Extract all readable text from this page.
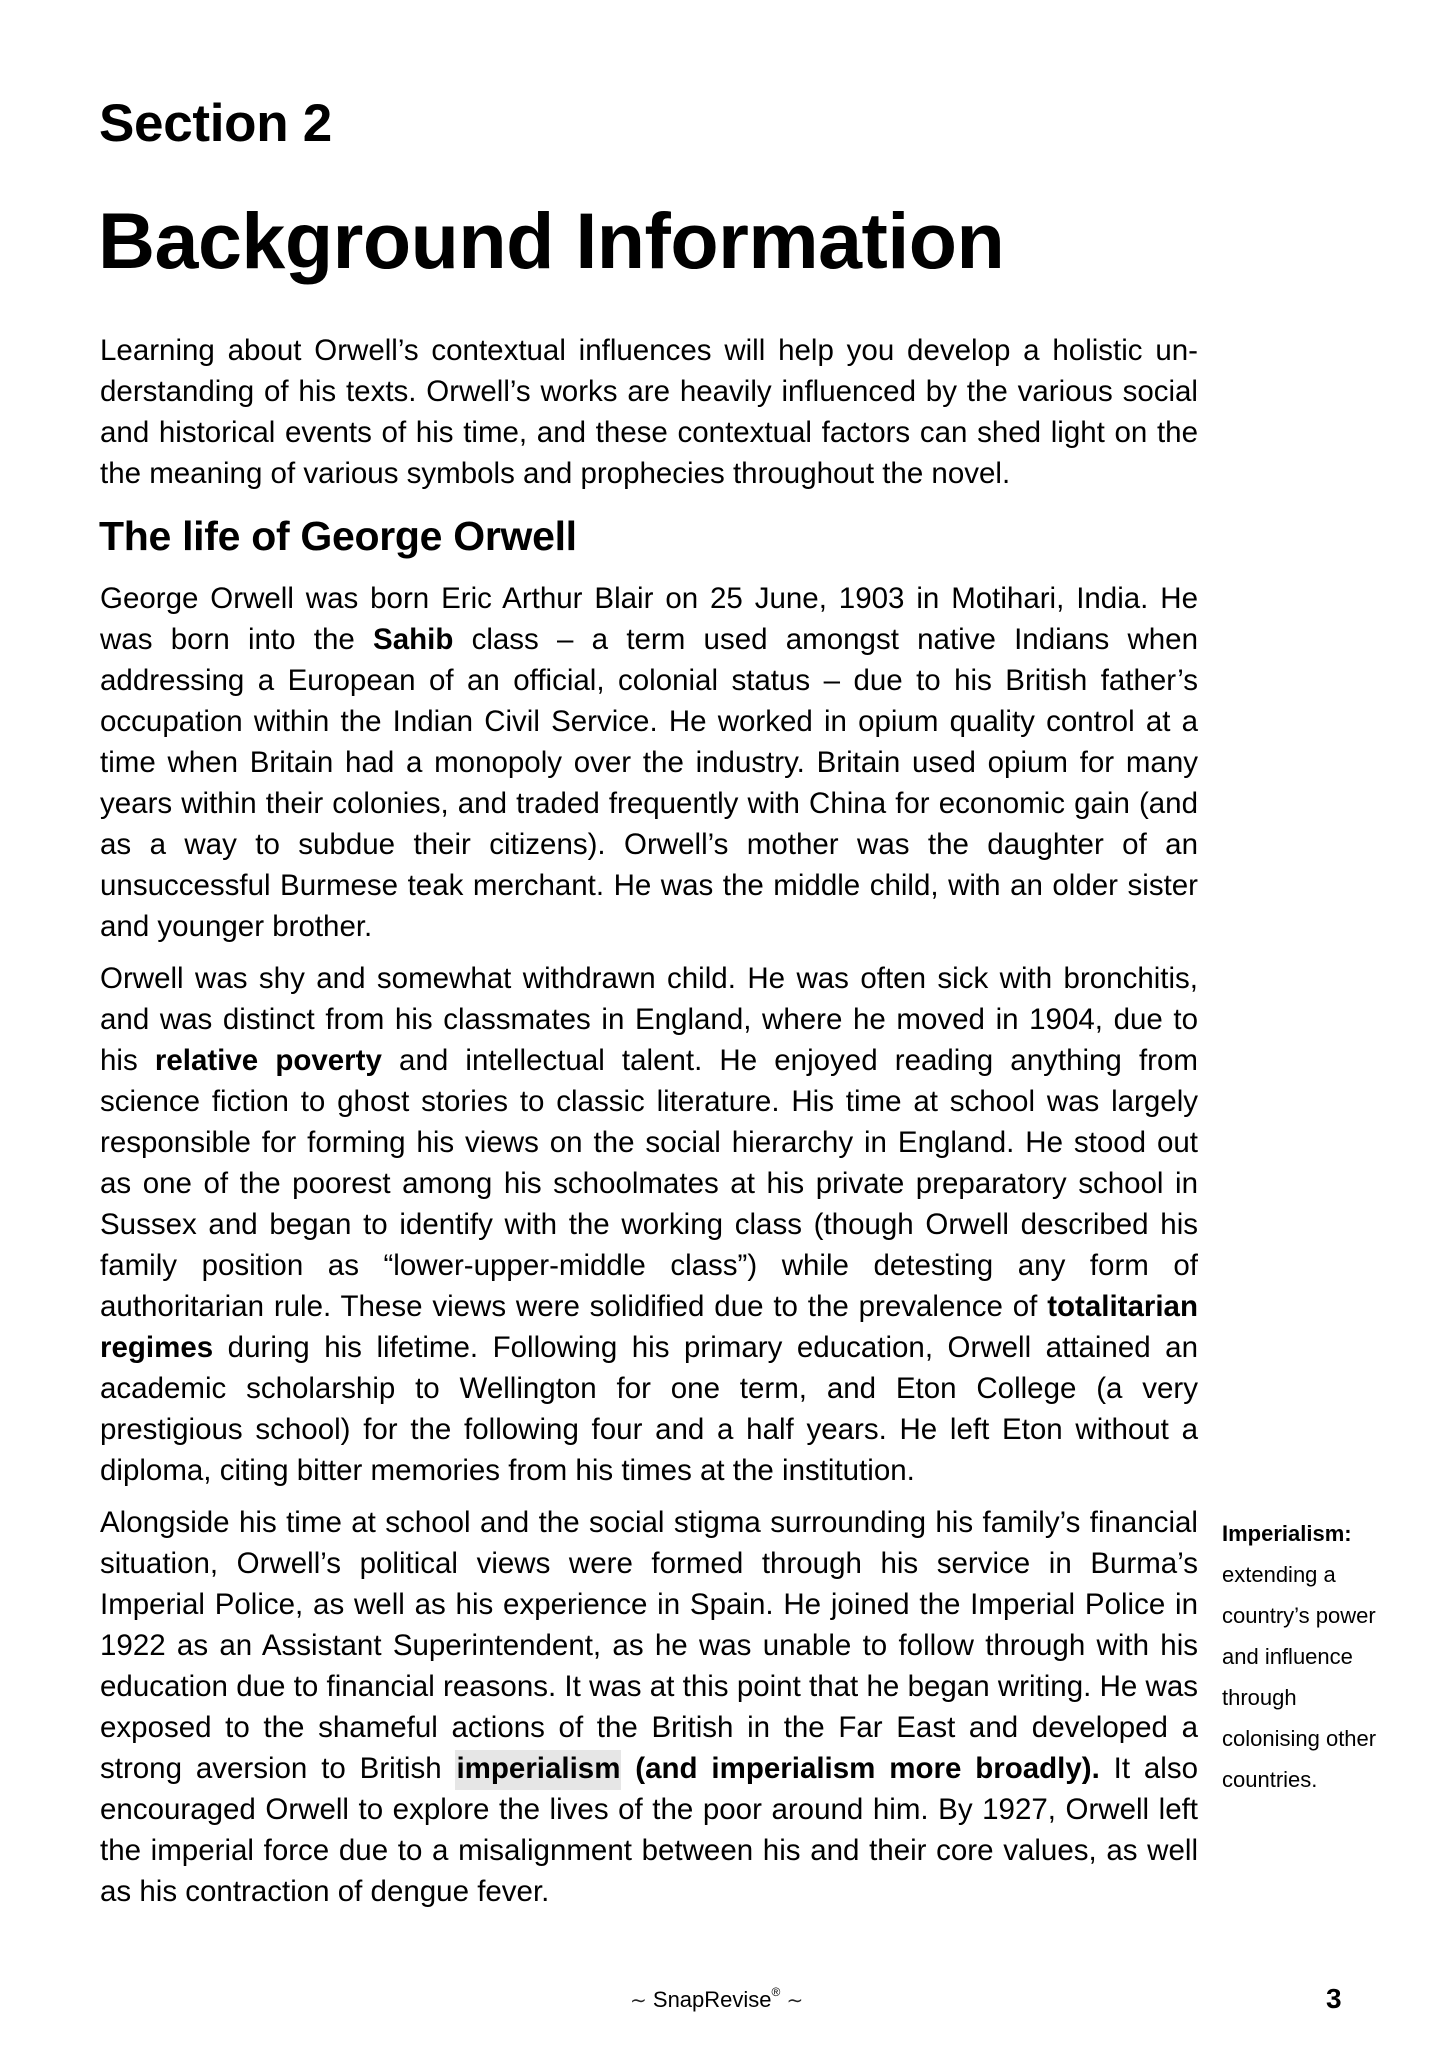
Section 2
Background Information

Learning about Orwell’s contextual influences will help you develop a holistic understanding of his texts. Orwell’s works are heavily influenced by the various social and historical events of his time, and these contextual factors can shed light on the the meaning of various symbols and prophecies throughout the novel.

The life of George Orwell

George Orwell was born Eric Arthur Blair on 25 June, 1903 in Motihari, India. He was born into the Sahib class – a term used amongst native Indians when addressing a European of an official, colonial status – due to his British father’s occupation within the Indian Civil Service. He worked in opium quality control at a time when Britain had a monopoly over the industry. Britain used opium for many years within their colonies, and traded frequently with China for economic gain (and as a way to subdue their citizens). Orwell’s mother was the daughter of an unsuccessful Burmese teak merchant. He was the middle child, with an older sister and younger brother.

Orwell was shy and somewhat withdrawn child. He was often sick with bronchitis, and was distinct from his classmates in England, where he moved in 1904, due to his relative poverty and intellectual talent. He enjoyed reading anything from science fiction to ghost stories to classic literature. His time at school was largely responsible for forming his views on the social hierarchy in England. He stood out as one of the poorest among his schoolmates at his private preparatory school in Sussex and began to identify with the working class (though Orwell described his family position as “lower-upper-middle class”) while detesting any form of authoritarian rule. These views were solidified due to the prevalence of totalitarian regimes during his lifetime. Following his primary education, Orwell attained an academic scholarship to Wellington for one term, and Eton College (a very prestigious school) for the following four and a half years. He left Eton without a diploma, citing bitter memories from his times at the institution.

Alongside his time at school and the social stigma surrounding his family’s financial situation, Orwell’s political views were formed through his service in Burma’s Imperial Police, as well as his experience in Spain. He joined the Imperial Police in 1922 as an Assistant Superintendent, as he was unable to follow through with his education due to financial reasons. It was at this point that he began writing. He was exposed to the shameful actions of the British in the Far East and developed a strong aversion to British imperialism (and imperialism more broadly). It also encouraged Orwell to explore the lives of the poor around him. By 1927, Orwell left the imperial force due to a misalignment between his and their core values, as well as his contraction of dengue fever.

Imperialism:
extending a
country’s power
and influence
through
colonising other
countries.
∼ SnapRevise® ∼	3
